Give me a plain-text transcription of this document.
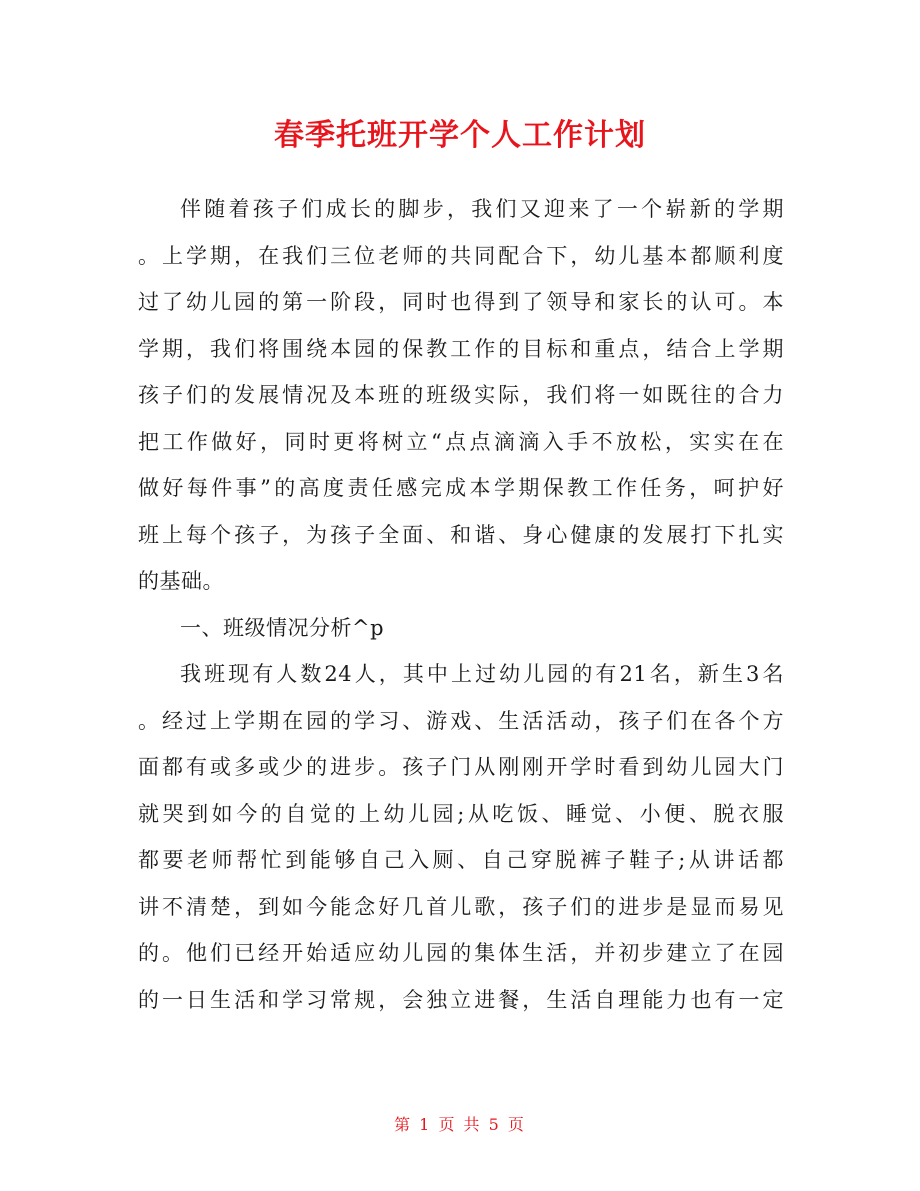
春季托班开学个人工作计划
伴随着孩子们成长的脚步，我们又迎来了一个崭新的学期
。上学期，在我们三位老师的共同配合下，幼儿基本都顺利度
过了幼儿园的第一阶段，同时也得到了领导和家长的认可。本
学期，我们将围绕本园的保教工作的目标和重点，结合上学期
孩子们的发展情况及本班的班级实际，我们将一如既往的合力
把工作做好，同时更将树立“点点滴滴入手不放松，实实在在
做好每件事”的高度责任感完成本学期保教工作任务，呵护好
班上每个孩子，为孩子全面、和谐、身心健康的发展打下扎实
的基础。
一、班级情况分析^p
我班现有人数24人，其中上过幼儿园的有21名，新生3名
。经过上学期在园的学习、游戏、生活活动，孩子们在各个方
面都有或多或少的进步。孩子门从刚刚开学时看到幼儿园大门
就哭到如今的自觉的上幼儿园;从吃饭、睡觉、小便、脱衣服
都要老师帮忙到能够自己入厕、自己穿脱裤子鞋子;从讲话都
讲不清楚，到如今能念好几首儿歌，孩子们的进步是显而易见
的。他们已经开始适应幼儿园的集体生活，并初步建立了在园
的一日生活和学习常规，会独立进餐，生活自理能力也有一定
第 1 页 共 5 页
